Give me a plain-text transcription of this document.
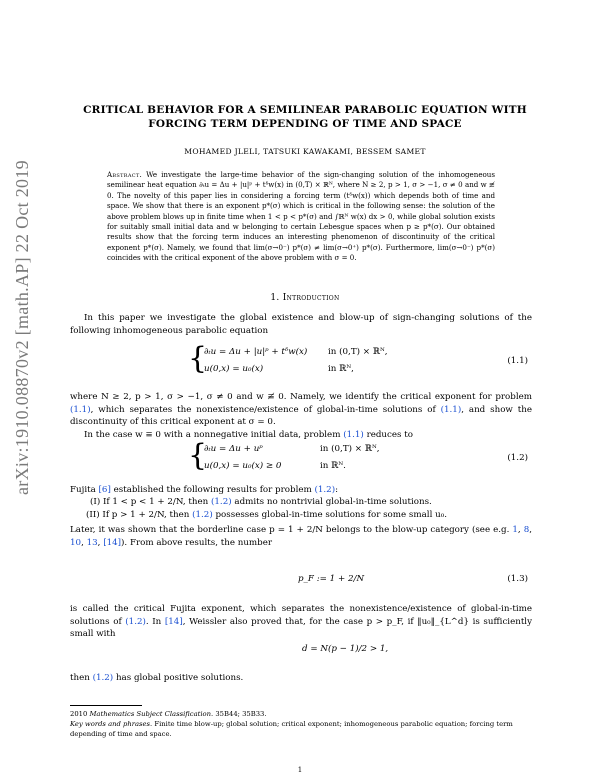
arXiv:1910.08870v2 [math.AP] 22 Oct 2019
CRITICAL BEHAVIOR FOR A SEMILINEAR PARABOLIC EQUATION WITH FORCING TERM DEPENDING OF TIME AND SPACE
MOHAMED JLELI, TATSUKI KAWAKAMI, BESSEM SAMET
Abstract. We investigate the large-time behavior of the sign-changing solution of the inhomogeneous semilinear heat equation ∂ₜu = Δu + |u|ᵖ + tᵟw(x) in (0,T) × ℝᴺ, where N ≥ 2, p > 1, σ > −1, σ ≠ 0 and w ≢ 0. The novelty of this paper lies in considering a forcing term (tᵟw(x)) which depends both of time and space. We show that there is an exponent p*(σ) which is critical in the following sense: the solution of the above problem blows up in finite time when 1 < p < p*(σ) and ∫ℝᴺ w(x) dx > 0, while global solution exists for suitably small initial data and w belonging to certain Lebesgue spaces when p ≥ p*(σ). Our obtained results show that the forcing term induces an interesting phenomenon of discontinuity of the critical exponent p*(σ). Namely, we found that lim(σ→0⁻) p*(σ) ≠ lim(σ→0⁺) p*(σ). Furthermore, lim(σ→0⁻) p*(σ) coincides with the critical exponent of the above problem with σ = 0.
1. Introduction
In this paper we investigate the global existence and blow-up of sign-changing solutions of the following inhomogeneous parabolic equation
{
∂ₜu = Δu + |u|ᵖ + tᵟw(x) in (0,T) × ℝᴺ,
u(0,x) = u₀(x)	in ℝᴺ,
(1.1)
where N ≥ 2, p > 1, σ > −1, σ ≠ 0 and w ≢ 0. Namely, we identify the critical exponent for problem (1.1), which separates the nonexistence/existence of global-in-time solutions of (1.1), and show the discontinuity of this critical exponent at σ = 0.
In the case w ≡ 0 with a nonnegative initial data, problem (1.1) reduces to
{
∂ₜu = Δu + uᵖ	in (0,T) × ℝᴺ,
u(0,x) = u₀(x) ≥ 0	in ℝᴺ.
(1.2)
Fujita [6] established the following results for problem (1.2):
(I) If 1 < p < 1 + 2/N, then (1.2) admits no nontrivial global-in-time solutions.
(II) If p > 1 + 2/N, then (1.2) possesses global-in-time solutions for some small u₀.
Later, it was shown that the borderline case p = 1 + 2/N belongs to the blow-up category (see e.g. 1, 8, 10, 13, [14]). From above results, the number
p_F := 1 + 2/N	(1.3)
is called the critical Fujita exponent, which separates the nonexistence/existence of global-in-time solutions of (1.2). In [14], Weissler also proved that, for the case p > p_F, if ‖u₀‖_{L^d} is sufficiently small with
d = N(p − 1)/2 > 1,
then (1.2) has global positive solutions.
2010 Mathematics Subject Classification. 35B44; 35B33.
Key words and phrases. Finite time blow-up; global solution; critical exponent; inhomogeneous parabolic equation; forcing term depending of time and space.
1
